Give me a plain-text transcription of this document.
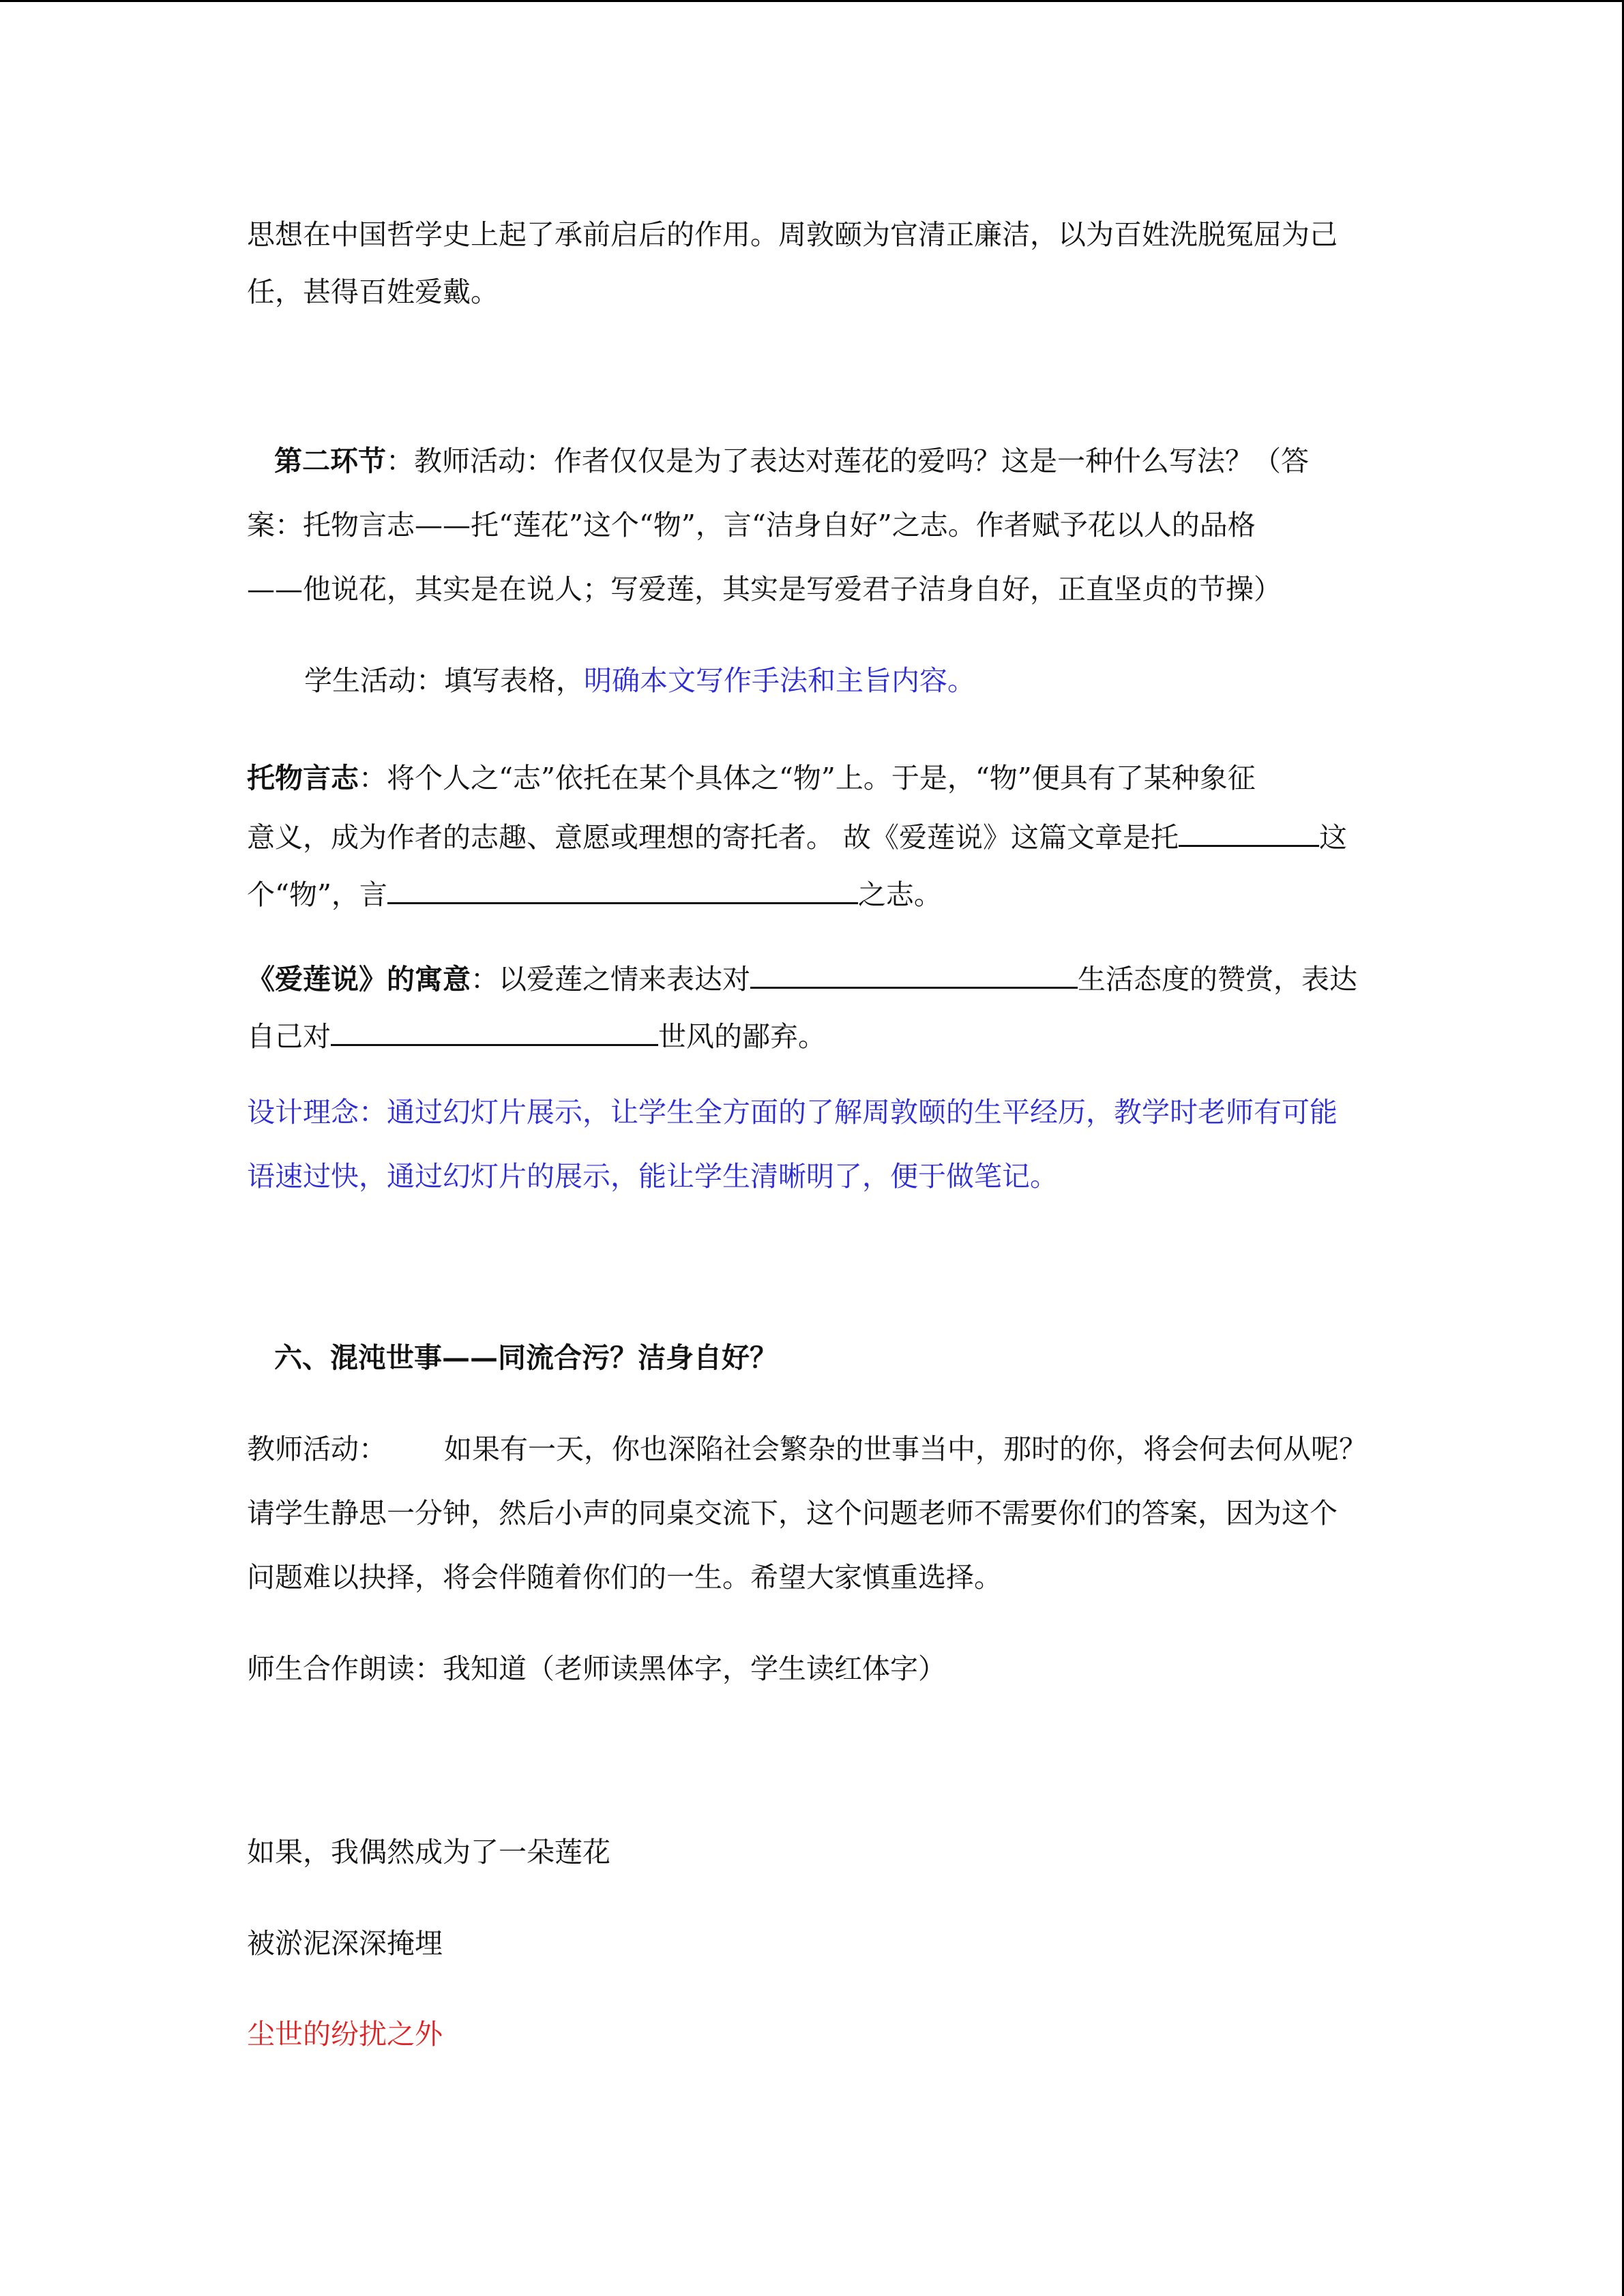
思想在中国哲学史上起了承前启后的作用。周敦颐为官清正廉洁，以为百姓洗脱冤屈为己
任，甚得百姓爱戴。
第二环节：教师活动：作者仅仅是为了表达对莲花的爱吗？这是一种什么写法？（答
案：托物言志——托“莲花”这个“物”，言“洁身自好”之志。作者赋予花以人的品格
——他说花，其实是在说人；写爱莲，其实是写爱君子洁身自好，正直坚贞的节操）
学生活动：填写表格，明确本文写作手法和主旨内容。
托物言志：将个人之“志”依托在某个具体之“物”上。于是，“物”便具有了某种象征
意义，成为作者的志趣、意愿或理想的寄托者。 故《爱莲说》这篇文章是托	这
个“物”，言	之志。
《爱莲说》的寓意：以爱莲之情来表达对	生活态度的赞赏，表达
自己对	世风的鄙弃。
设计理念：通过幻灯片展示，让学生全方面的了解周敦颐的生平经历，教学时老师有可能
语速过快，通过幻灯片的展示，能让学生清晰明了，便于做笔记。
六、混沌世事——同流合污？洁身自好？
教师活动： 如果有一天，你也深陷社会繁杂的世事当中，那时的你，将会何去何从呢？
请学生静思一分钟，然后小声的同桌交流下，这个问题老师不需要你们的答案，因为这个
问题难以抉择，将会伴随着你们的一生。希望大家慎重选择。
师生合作朗读：我知道（老师读黑体字，学生读红体字）
如果，我偶然成为了一朵莲花
被淤泥深深掩埋
尘世的纷扰之外
